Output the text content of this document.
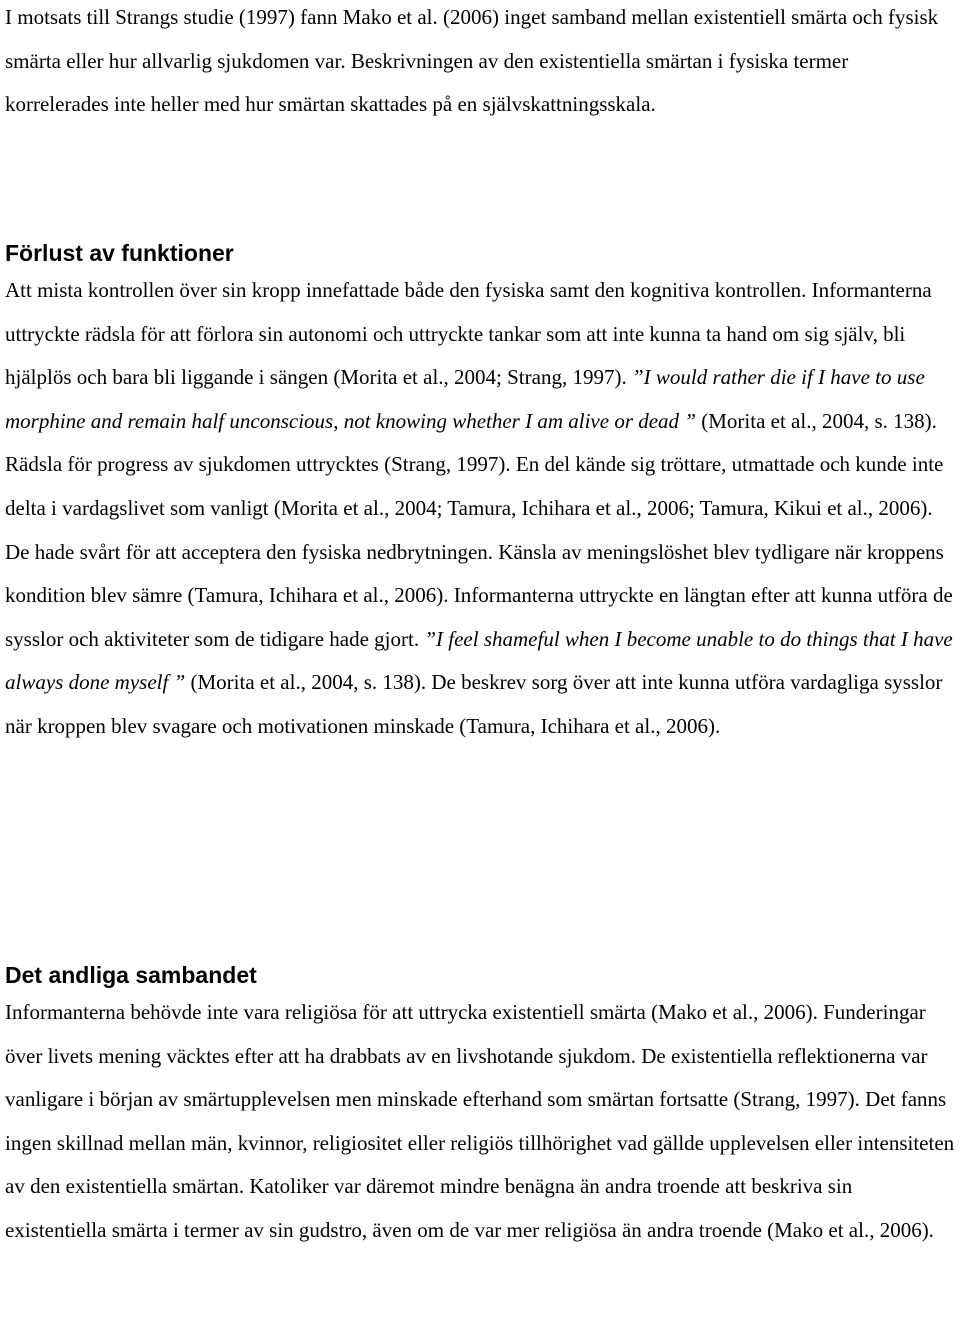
I motsats till Strangs studie (1997) fann Mako et al. (2006) inget samband mellan existentiell smärta och fysisk smärta eller hur allvarlig sjukdomen var. Beskrivningen av den existentiella smärtan i fysiska termer korrelerades inte heller med hur smärtan skattades på en självskattningsskala.

Förlust av funktioner

Att mista kontrollen över sin kropp innefattade både den fysiska samt den kognitiva kontrollen. Informanterna uttryckte rädsla för att förlora sin autonomi och uttryckte tankar som att inte kunna ta hand om sig själv, bli hjälplös och bara bli liggande i sängen (Morita et al., 2004; Strang, 1997). ”I would rather die if I have to use morphine and remain half unconscious, not knowing whether I am alive or dead ” (Morita et al., 2004, s. 138). Rädsla för progress av sjukdomen uttrycktes (Strang, 1997). En del kände sig tröttare, utmattade och kunde inte delta i vardagslivet som vanligt (Morita et al., 2004; Tamura, Ichihara et al., 2006; Tamura, Kikui et al., 2006). De hade svårt för att acceptera den fysiska nedbrytningen. Känsla av meningslöshet blev tydligare när kroppens kondition blev sämre (Tamura, Ichihara et al., 2006). Informanterna uttryckte en längtan efter att kunna utföra de sysslor och aktiviteter som de tidigare hade gjort. ”I feel shameful when I become unable to do things that I have always done myself ” (Morita et al., 2004, s. 138). De beskrev sorg över att inte kunna utföra vardagliga sysslor när kroppen blev svagare och motivationen minskade (Tamura, Ichihara et al., 2006).

Det andliga sambandet

Informanterna behövde inte vara religiösa för att uttrycka existentiell smärta (Mako et al., 2006). Funderingar över livets mening väcktes efter att ha drabbats av en livshotande sjukdom. De existentiella reflektionerna var vanligare i början av smärtupplevelsen men minskade efterhand som smärtan fortsatte (Strang, 1997). Det fanns ingen skillnad mellan män, kvinnor, religiositet eller religiös tillhörighet vad gällde upplevelsen eller intensiteten av den existentiella smärtan. Katoliker var däremot mindre benägna än andra troende att beskriva sin existentiella smärta i termer av sin gudstro, även om de var mer religiösa än andra troende (Mako et al., 2006).
